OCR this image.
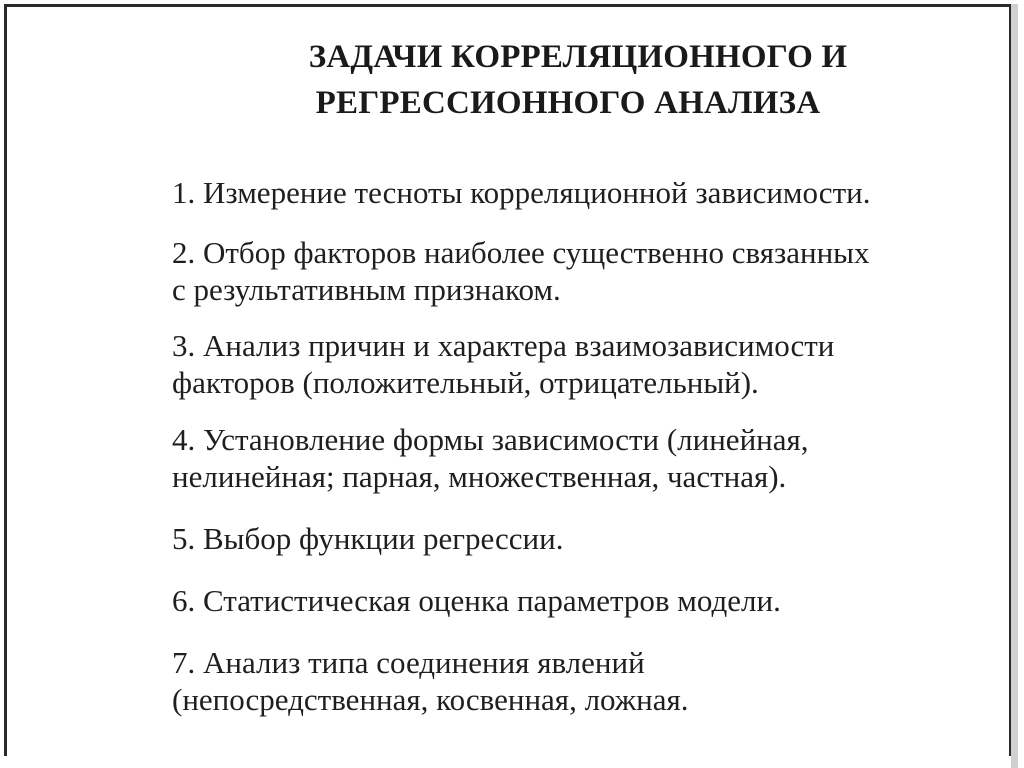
ЗАДАЧИ КОРРЕЛЯЦИОННОГО И
РЕГРЕССИОННОГО АНАЛИЗА
1. Измерение тесноты корреляционной зависимости.
2. Отбор факторов наиболее существенно связанных
с результативным признаком.
3. Анализ причин и характера взаимозависимости
факторов (положительный, отрицательный).
4. Установление формы зависимости (линейная,
нелинейная; парная, множественная, частная).
5. Выбор функции регрессии.
6. Статистическая оценка параметров модели.
7. Анализ типа соединения явлений
(непосредственная, косвенная, ложная.
